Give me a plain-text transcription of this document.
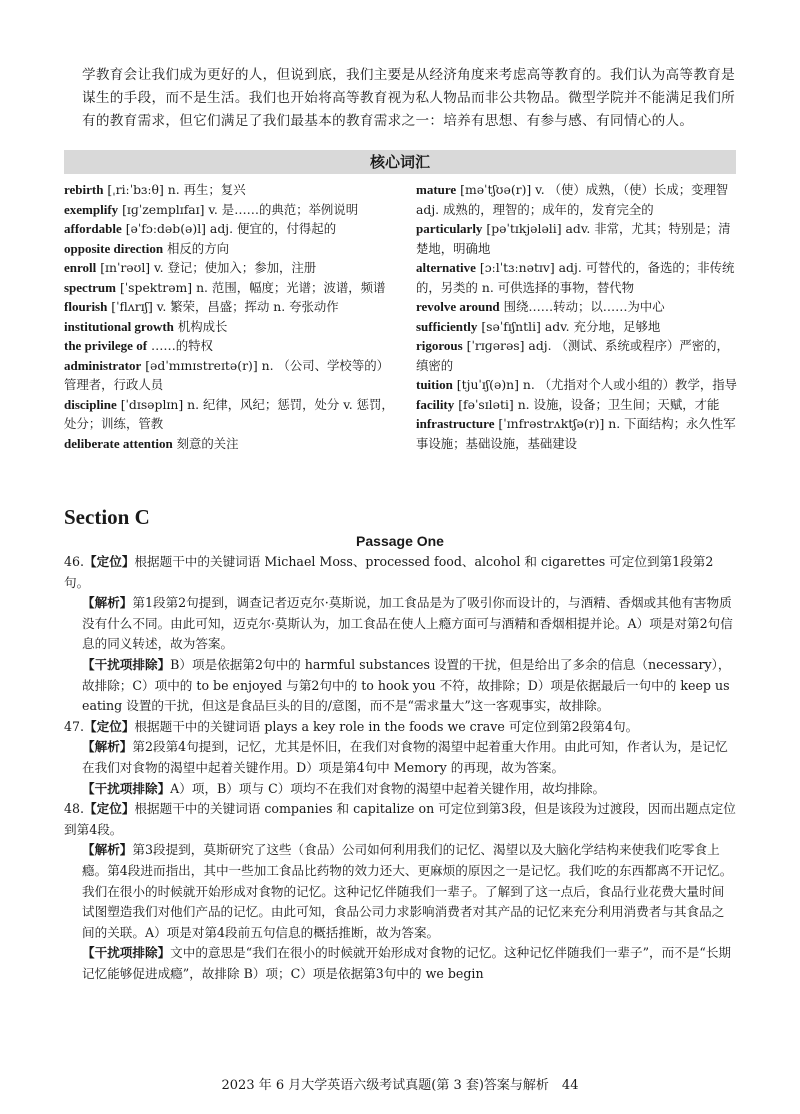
学教育会让我们成为更好的人，但说到底，我们主要是从经济角度来考虑高等教育的。我们认为高等教育是谋生的手段，而不是生活。我们也开始将高等教育视为私人物品而非公共物品。微型学院并不能满足我们所有的教育需求，但它们满足了我们最基本的教育需求之一：培养有思想、有参与感、有同情心的人。
核心词汇
rebirth [ˌriːˈbɜːθ] n. 再生；复兴
exemplify [ɪɡˈzemplɪfaɪ] v. 是……的典范；举例说明
affordable [əˈfɔːdəb(ə)l] adj. 便宜的，付得起的
opposite direction 相反的方向
enroll [ɪnˈrəʊl] v. 登记；使加入；参加，注册
spectrum [ˈspektrəm] n. 范围，幅度；光谱；波谱，频谱
flourish [ˈflʌrɪʃ] v. 繁荣，昌盛；挥动 n. 夸张动作
institutional growth 机构成长
the privilege of ……的特权
administrator [ədˈmɪnɪstreɪtə(r)] n. （公司、学校等的）管理者，行政人员
discipline [ˈdɪsəplɪn] n. 纪律，风纪；惩罚，处分 v. 惩罚，处分；训练，管教
deliberate attention 刻意的关注
mature [məˈtʃʊə(r)] v. （使）成熟，（使）长成；变理智 adj. 成熟的，理智的；成年的，发育完全的
particularly [pəˈtɪkjələli] adv. 非常，尤其；特别是；清楚地，明确地
alternative [ɔːlˈtɜːnətɪv] adj. 可替代的，备选的；非传统的，另类的 n. 可供选择的事物，替代物
revolve around 围绕……转动；以……为中心
sufficiently [səˈfɪʃntli] adv. 充分地，足够地
rigorous [ˈrɪɡərəs] adj. （测试、系统或程序）严密的，缜密的
tuition [tjuˈɪʃ(ə)n] n. （尤指对个人或小组的）教学，指导
facility [fəˈsɪləti] n. 设施，设备；卫生间；天赋，才能
infrastructure [ˈɪnfrəstrʌktʃə(r)] n. 下面结构；永久性军事设施；基础设施，基础建设
Section C
Passage One

46.【定位】根据题干中的关键词语 Michael Moss、processed food、alcohol 和 cigarettes 可定位到第1段第2句。

【解析】第1段第2句提到，调查记者迈克尔·莫斯说，加工食品是为了吸引你而设计的，与酒精、香烟或其他有害物质没有什么不同。由此可知，迈克尔·莫斯认为，加工食品在使人上瘾方面可与酒精和香烟相提并论。A）项是对第2句信息的同义转述，故为答案。

【干扰项排除】B）项是依据第2句中的 harmful substances 设置的干扰，但是给出了多余的信息（necessary），故排除；C）项中的 to be enjoyed 与第2句中的 to hook you 不符，故排除；D）项是依据最后一句中的 keep us eating 设置的干扰，但这是食品巨头的目的/意图，而不是“需求量大”这一客观事实，故排除。

47.【定位】根据题干中的关键词语 plays a key role in the foods we crave 可定位到第2段第4句。

【解析】第2段第4句提到，记忆，尤其是怀旧，在我们对食物的渴望中起着重大作用。由此可知，作者认为，是记忆在我们对食物的渴望中起着关键作用。D）项是第4句中 Memory 的再现，故为答案。

【干扰项排除】A）项，B）项与 C）项均不在我们对食物的渴望中起着关键作用，故均排除。

48.【定位】根据题干中的关键词语 companies 和 capitalize on 可定位到第3段，但是该段为过渡段，因而出题点定位到第4段。

【解析】第3段提到，莫斯研究了这些（食品）公司如何利用我们的记忆、渴望以及大脑化学结构来使我们吃零食上瘾。第4段进而指出，其中一些加工食品比药物的效力还大、更麻烦的原因之一是记忆。我们吃的东西都离不开记忆。我们在很小的时候就开始形成对食物的记忆。这种记忆伴随我们一辈子。了解到了这一点后，食品行业花费大量时间试图塑造我们对他们产品的记忆。由此可知，食品公司力求影响消费者对其产品的记忆来充分利用消费者与其食品之间的关联。A）项是对第4段前五句信息的概括推断，故为答案。

【干扰项排除】文中的意思是“我们在很小的时候就开始形成对食物的记忆。这种记忆伴随我们一辈子”，而不是“长期记忆能够促进成瘾”，故排除 B）项；C）项是依据第3句中的 we begin

2023 年 6 月大学英语六级考试真题(第 3 套)答案与解析　44
